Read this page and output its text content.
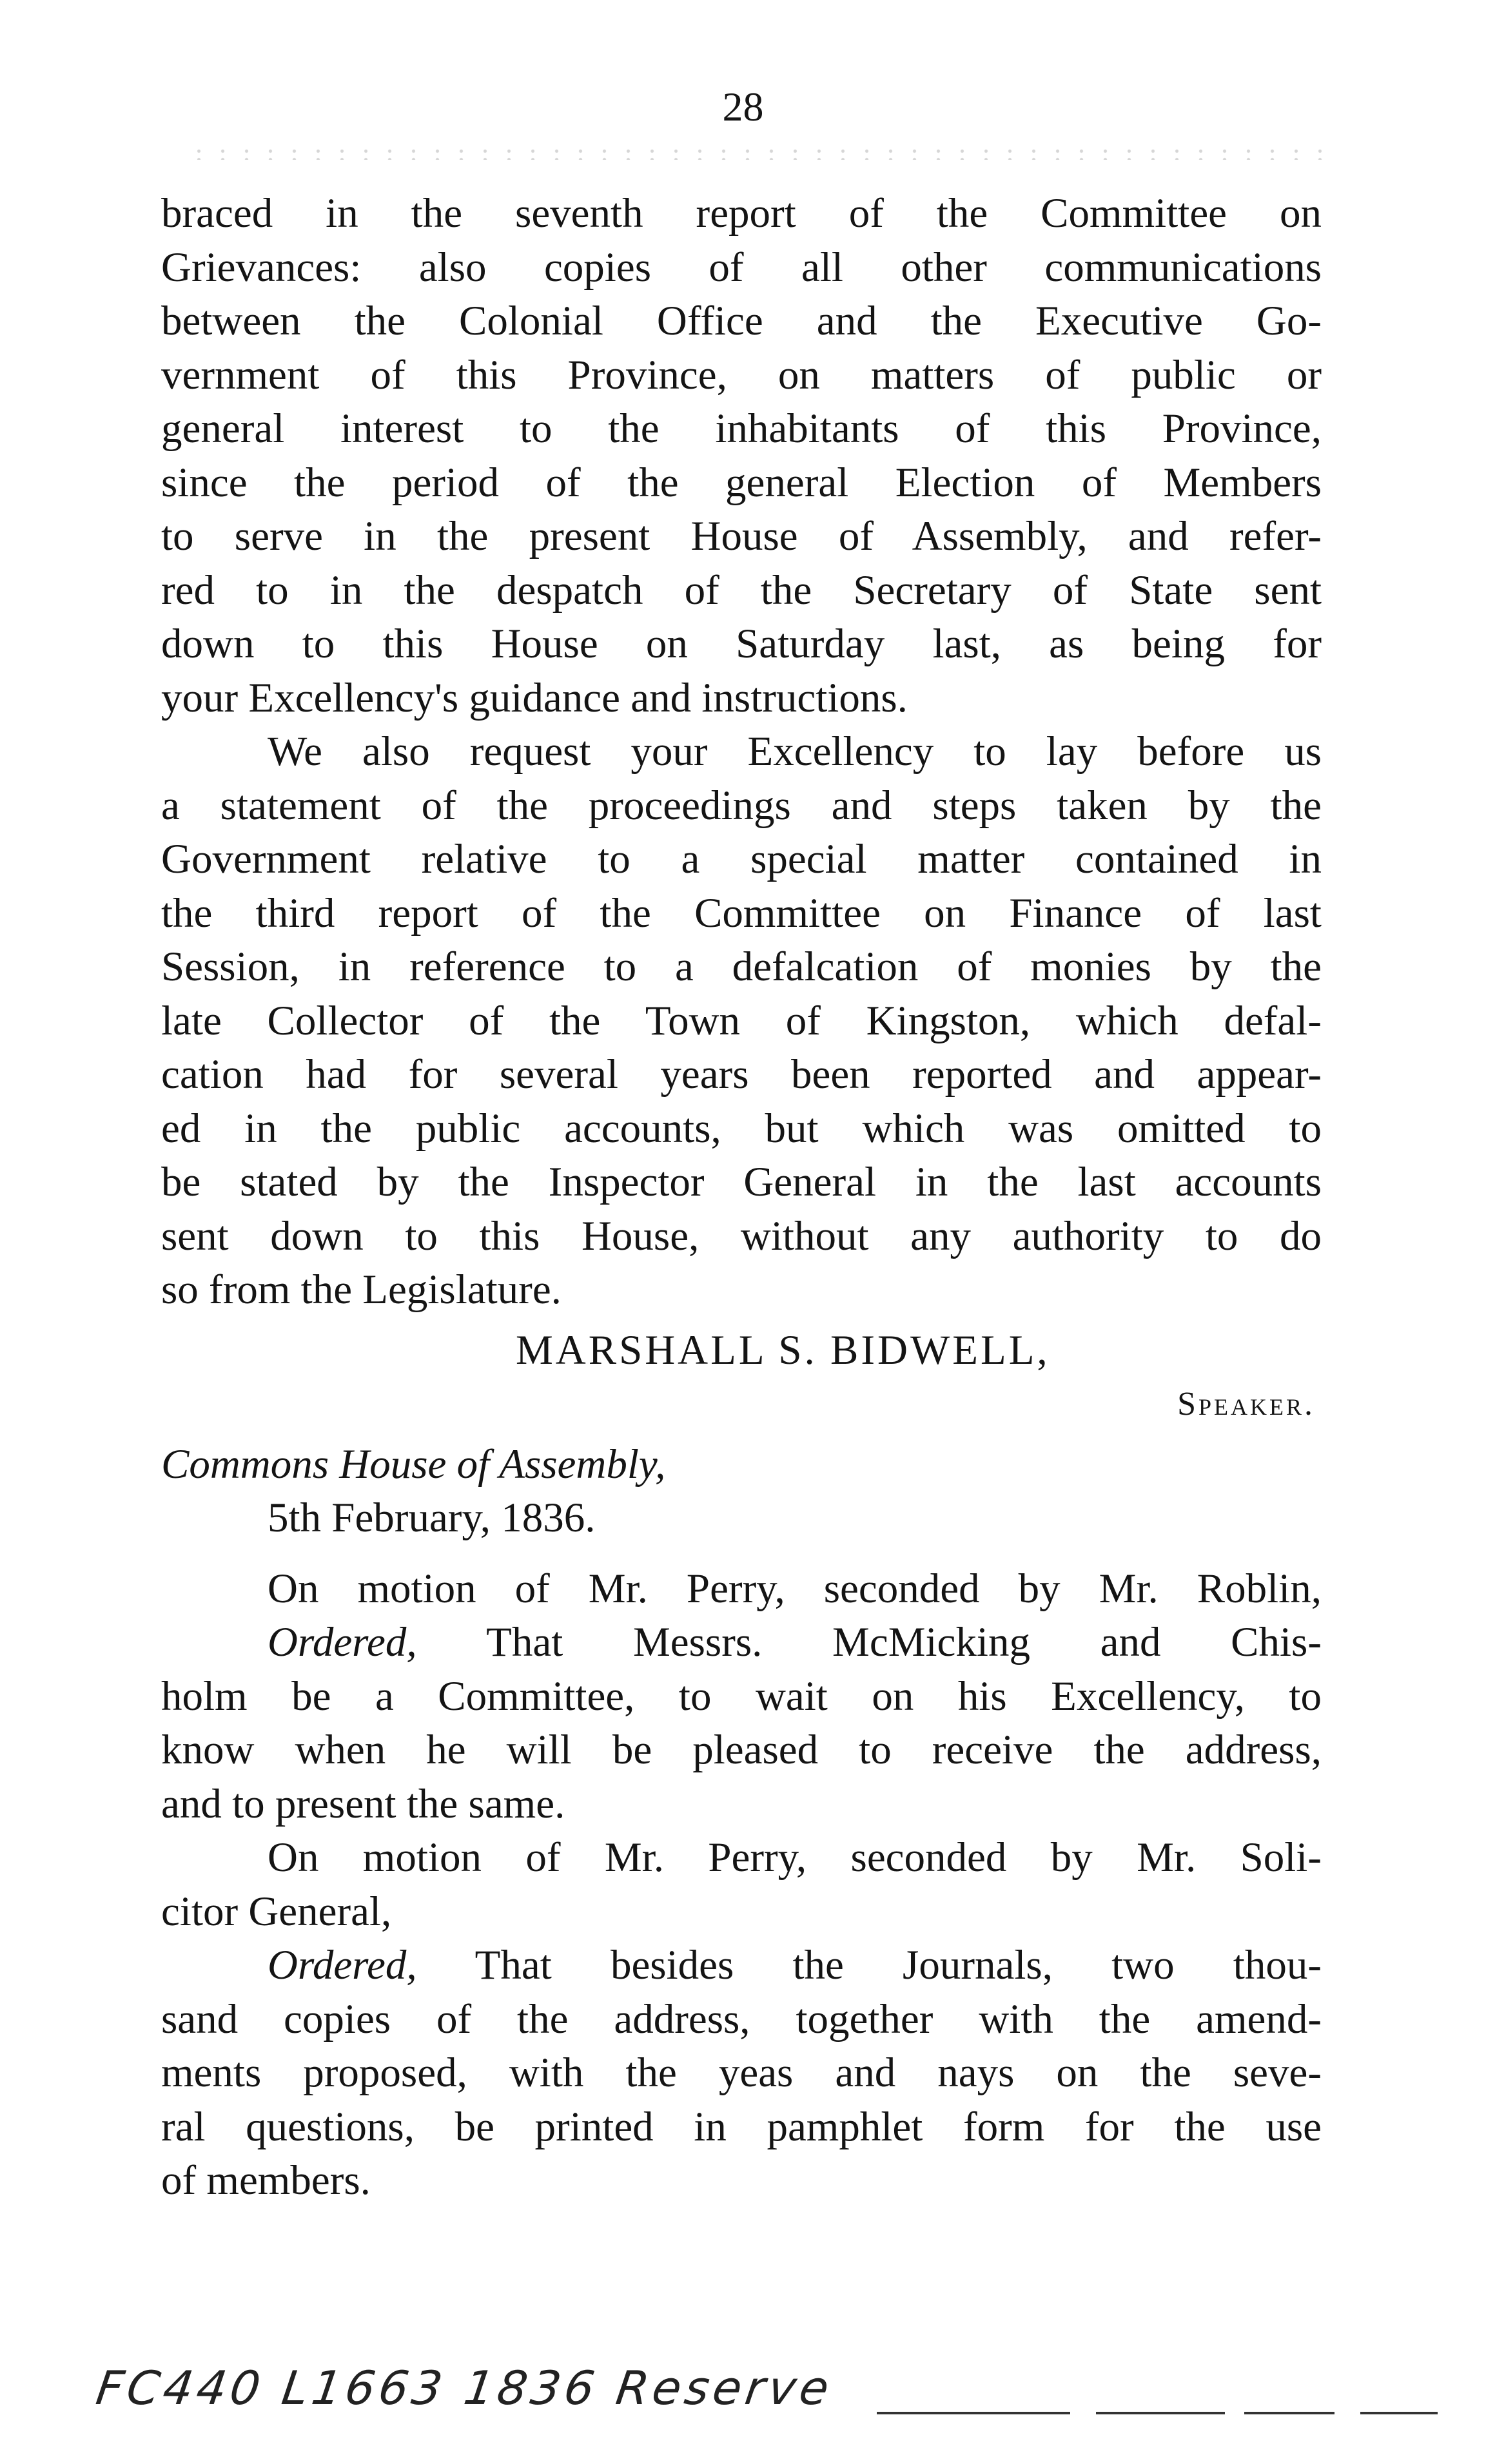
28
braced in the seventh report of the Committee on
Grievances: also copies of all other communications
between the Colonial Office and the Executive Go-
vernment of this Province, on matters of public or
general interest to the inhabitants of this Province,
since the period of the general Election of Members
to serve in the present House of Assembly, and refer-
red to in the despatch of the Secretary of State sent
down to this House on Saturday last, as being for
your Excellency's guidance and instructions.
We also request your Excellency to lay before us
a statement of the proceedings and steps taken by the
Government relative to a special matter contained in
the third report of the Committee on Finance of last
Session, in reference to a defalcation of monies by the
late Collector of the Town of Kingston, which defal-
cation had for several years been reported and appear-
ed in the public accounts, but which was omitted to
be stated by the Inspector General in the last accounts
sent down to this House, without any authority to do
so from the Legislature.
MARSHALL S. BIDWELL,
Speaker.
Commons House of Assembly,
5th February, 1836.
On motion of Mr. Perry, seconded by Mr. Roblin,
Ordered, That Messrs. McMicking and Chis-
holm be a Committee, to wait on his Excellency, to
know when he will be pleased to receive the address,
and to present the same.
On motion of Mr. Perry, seconded by Mr. Soli-
citor General,
Ordered, That besides the Journals, two thou-
sand copies of the address, together with the amend-
ments proposed, with the yeas and nays on the seve-
ral questions, be printed in pamphlet form for the use
of members.
FC440 L1663 1836 Reserve
